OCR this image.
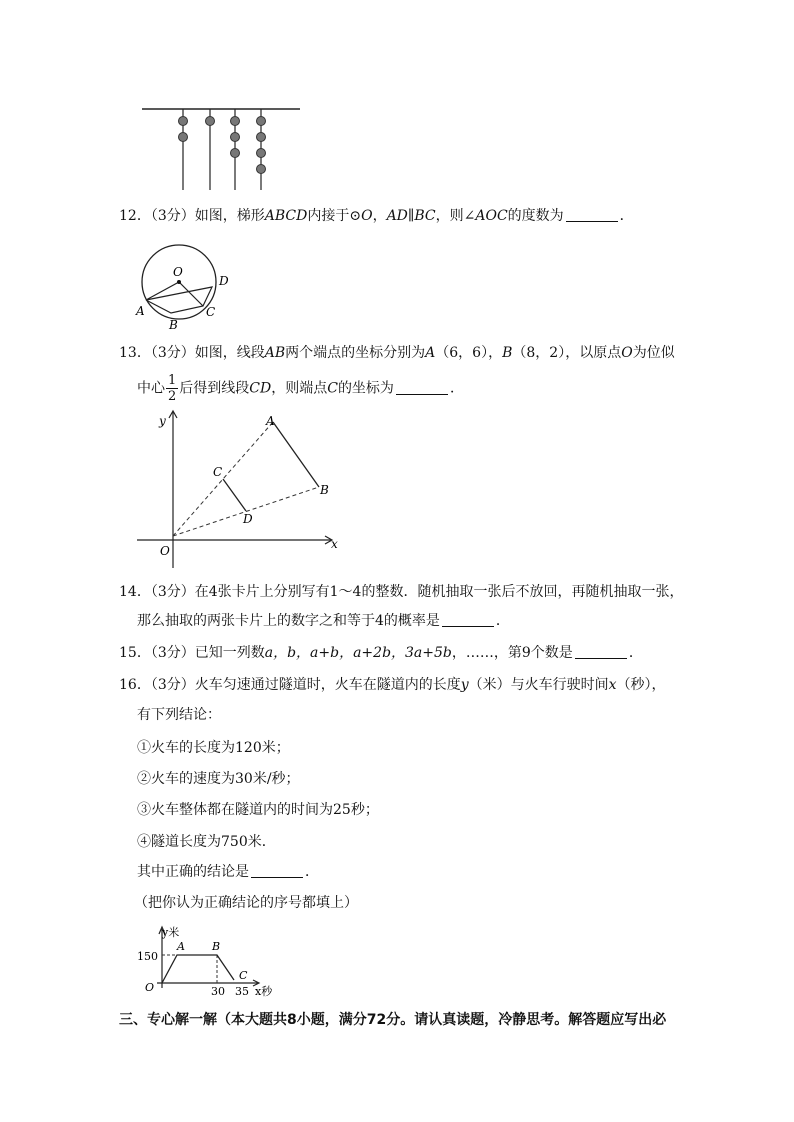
12．（3分）如图，梯形ABCD内接于⊙O，AD∥BC，则∠AOC的度数为	．
O
D
A
B
C
13．（3分）如图，线段AB两个端点的坐标分别为A（6，6），B（8，2），以原点O为位似
中心 $\frac{1}{2}$ 后得到线段CD，则端点C的坐标为	．
y
x
O
A
B
C
D
14．（3分）在4张卡片上分别写有1～4的整数．随机抽取一张后不放回，再随机抽取一张，
那么抽取的两张卡片上的数字之和等于4的概率是	．
15．（3分）已知一列数a，b，a+b，a+2b，3a+5b，……，第9个数是	．
16．（3分）火车匀速通过隧道时，火车在隧道内的长度y（米）与火车行驶时间x（秒），
有下列结论：
①火车的长度为120米；
②火车的速度为30米/秒；
③火车整体都在隧道内的时间为25秒；
④隧道长度为750米．
其中正确的结论是	．
（把你认为正确结论的序号都填上）
y米
150
A B
C
O	30 35 x秒
三、专心解一解（本大题共8小题，满分72分。请认真读题，冷静思考。解答题应写出必
